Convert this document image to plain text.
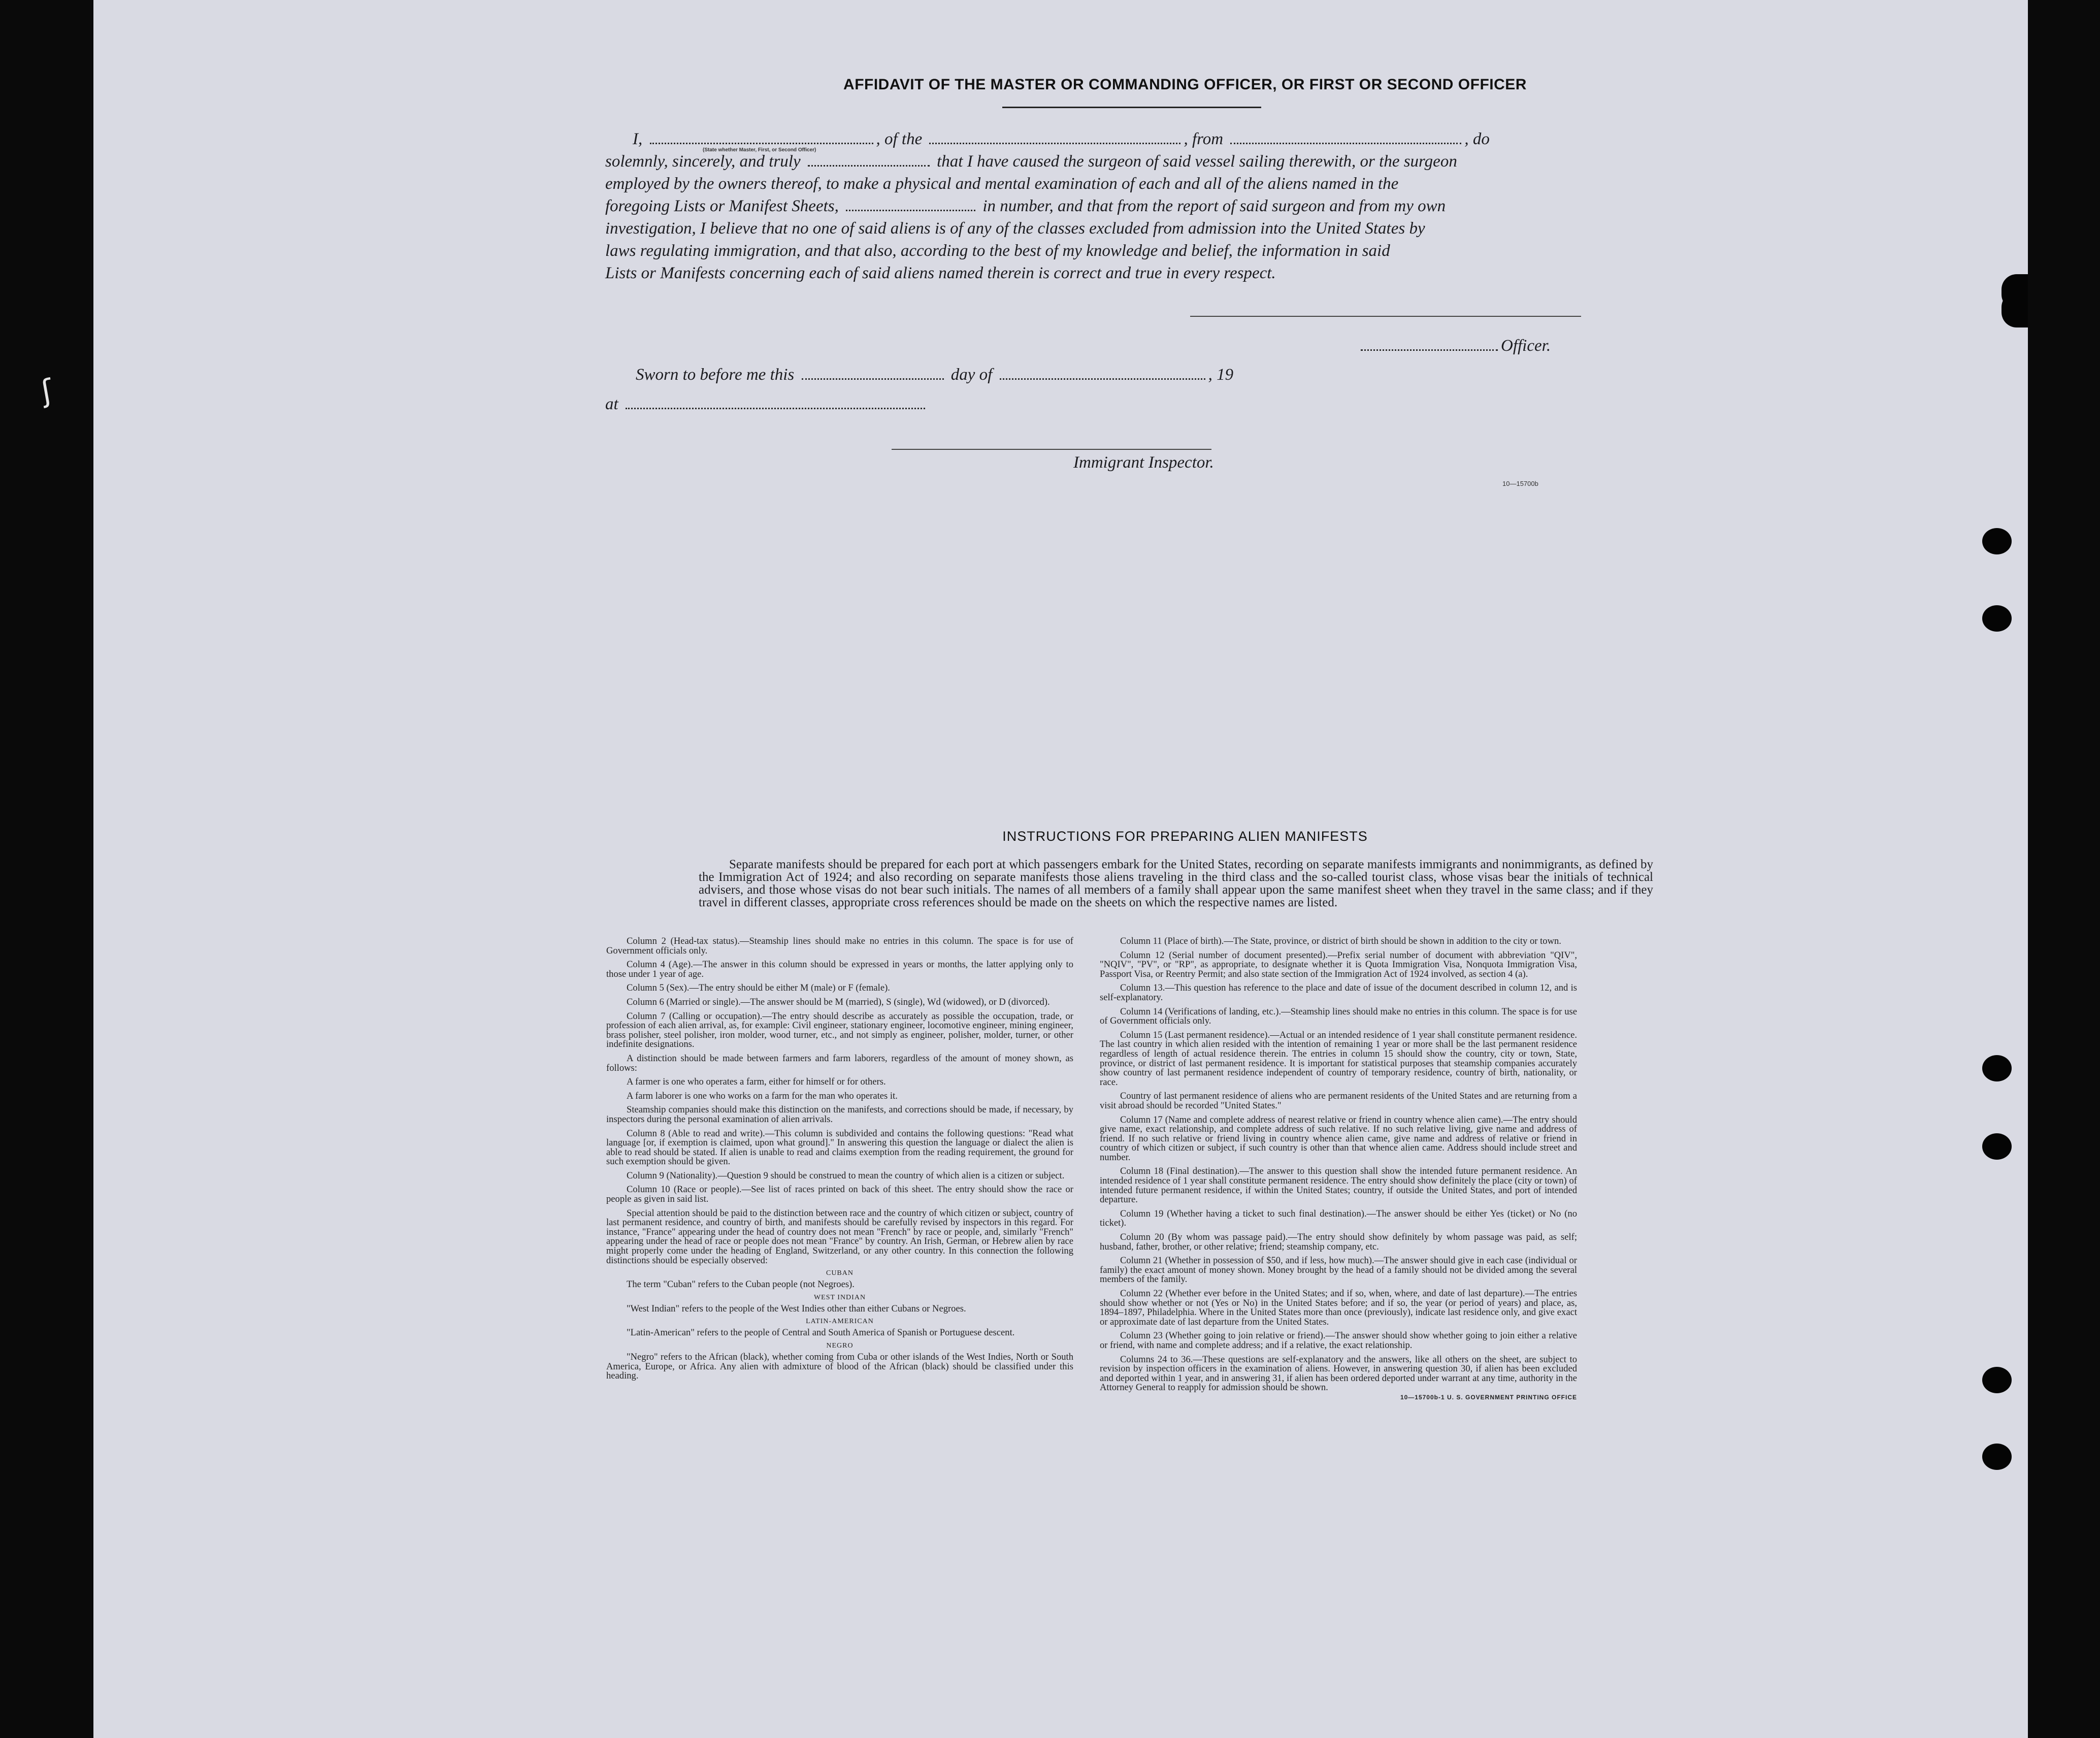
AFFIDAVIT OF THE MASTER OR COMMANDING OFFICER, OR FIRST OR SECOND OFFICER
I,	, of the	, from	, do
(State whether Master, First, or Second Officer)
solemnly, sincerely, and truly	that I have caused the surgeon of said vessel sailing therewith, or the surgeon
employed by the owners thereof, to make a physical and mental examination of each and all of the aliens named in the
foregoing Lists or Manifest Sheets,	in number, and that from the report of said surgeon and from my own
investigation, I believe that no one of said aliens is of any of the classes excluded from admission into the United States by
laws regulating immigration, and that also, according to the best of my knowledge and belief, the information in said
Lists or Manifests concerning each of said aliens named therein is correct and true in every respect.
Officer.
Sworn to before me this	day of	, 19
at
Immigrant Inspector.
10—15700b
INSTRUCTIONS FOR PREPARING ALIEN MANIFESTS

Separate manifests should be prepared for each port at which passengers embark for the United States, recording on separate manifests immigrants and nonimmigrants, as defined by the Immigration Act of 1924; and also recording on separate manifests those aliens traveling in the third class and the so-called tourist class, whose visas bear the initials of technical advisers, and those whose visas do not bear such initials. The names of all members of a family shall appear upon the same manifest sheet when they travel in the same class; and if they travel in different classes, appropriate cross references should be made on the sheets on which the respective names are listed.

Column 2 (Head-tax status).—Steamship lines should make no entries in this column. The space is for use of Government officials only.

Column 4 (Age).—The answer in this column should be expressed in years or months, the latter applying only to those under 1 year of age.

Column 5 (Sex).—The entry should be either M (male) or F (female).

Column 6 (Married or single).—The answer should be M (married), S (single), Wd (widowed), or D (divorced).

Column 7 (Calling or occupation).—The entry should describe as accurately as possible the occupation, trade, or profession of each alien arrival, as, for example: Civil engineer, stationary engineer, locomotive engineer, mining engineer, brass polisher, steel polisher, iron molder, wood turner, etc., and not simply as engineer, polisher, molder, turner, or other indefinite designations.

A distinction should be made between farmers and farm laborers, regardless of the amount of money shown, as follows:

A farmer is one who operates a farm, either for himself or for others.

A farm laborer is one who works on a farm for the man who operates it.

Steamship companies should make this distinction on the manifests, and corrections should be made, if necessary, by inspectors during the personal examination of alien arrivals.

Column 8 (Able to read and write).—This column is subdivided and contains the following questions: "Read what language [or, if exemption is claimed, upon what ground]." In answering this question the language or dialect the alien is able to read should be stated. If alien is unable to read and claims exemption from the reading requirement, the ground for such exemption should be given.

Column 9 (Nationality).—Question 9 should be construed to mean the country of which alien is a citizen or subject.

Column 10 (Race or people).—See list of races printed on back of this sheet. The entry should show the race or people as given in said list.

Special attention should be paid to the distinction between race and the country of which citizen or subject, country of last permanent residence, and country of birth, and manifests should be carefully revised by inspectors in this regard. For instance, "France" appearing under the head of country does not mean "French" by race or people, and, similarly "French" appearing under the head of race or people does not mean "France" by country. An Irish, German, or Hebrew alien by race might properly come under the heading of England, Switzerland, or any other country. In this connection the following distinctions should be especially observed:

CUBAN

The term "Cuban" refers to the Cuban people (not Negroes).

WEST INDIAN

"West Indian" refers to the people of the West Indies other than either Cubans or Negroes.

LATIN-AMERICAN

"Latin-American" refers to the people of Central and South America of Spanish or Portuguese descent.

NEGRO

"Negro" refers to the African (black), whether coming from Cuba or other islands of the West Indies, North or South America, Europe, or Africa. Any alien with admixture of blood of the African (black) should be classified under this heading.

Column 11 (Place of birth).—The State, province, or district of birth should be shown in addition to the city or town.

Column 12 (Serial number of document presented).—Prefix serial number of document with abbreviation "QIV", "NQIV", "PV", or "RP", as appropriate, to designate whether it is Quota Immigration Visa, Nonquota Immigration Visa, Passport Visa, or Reentry Permit; and also state section of the Immigration Act of 1924 involved, as section 4 (a).

Column 13.—This question has reference to the place and date of issue of the document described in column 12, and is self-explanatory.

Column 14 (Verifications of landing, etc.).—Steamship lines should make no entries in this column. The space is for use of Government officials only.

Column 15 (Last permanent residence).—Actual or an intended residence of 1 year shall constitute permanent residence. The last country in which alien resided with the intention of remaining 1 year or more shall be the last permanent residence regardless of length of actual residence therein. The entries in column 15 should show the country, city or town, State, province, or district of last permanent residence. It is important for statistical purposes that steamship companies accurately show country of last permanent residence independent of country of temporary residence, country of birth, nationality, or race.

Country of last permanent residence of aliens who are permanent residents of the United States and are returning from a visit abroad should be recorded "United States."

Column 17 (Name and complete address of nearest relative or friend in country whence alien came).—The entry should give name, exact relationship, and complete address of such relative. If no such relative living, give name and address of friend. If no such relative or friend living in country whence alien came, give name and address of relative or friend in country of which citizen or subject, if such country is other than that whence alien came. Address should include street and number.

Column 18 (Final destination).—The answer to this question shall show the intended future permanent residence. An intended residence of 1 year shall constitute permanent residence. The entry should show definitely the place (city or town) of intended future permanent residence, if within the United States; country, if outside the United States, and port of intended departure.

Column 19 (Whether having a ticket to such final destination).—The answer should be either Yes (ticket) or No (no ticket).

Column 20 (By whom was passage paid).—The entry should show definitely by whom passage was paid, as self; husband, father, brother, or other relative; friend; steamship company, etc.

Column 21 (Whether in possession of $50, and if less, how much).—The answer should give in each case (individual or family) the exact amount of money shown. Money brought by the head of a family should not be divided among the several members of the family.

Column 22 (Whether ever before in the United States; and if so, when, where, and date of last departure).—The entries should show whether or not (Yes or No) in the United States before; and if so, the year (or period of years) and place, as, 1894–1897, Philadelphia. Where in the United States more than once (previously), indicate last residence only, and give exact or approximate date of last departure from the United States.

Column 23 (Whether going to join relative or friend).—The answer should show whether going to join either a relative or friend, with name and complete address; and if a relative, the exact relationship.

Columns 24 to 36.—These questions are self-explanatory and the answers, like all others on the sheet, are subject to revision by inspection officers in the examination of aliens. However, in answering question 30, if alien has been excluded and deported within 1 year, and in answering 31, if alien has been ordered deported under warrant at any time, authority in the Attorney General to reapply for admission should be shown.

10—15700b-1 U. S. GOVERNMENT PRINTING OFFICE
ʃ
